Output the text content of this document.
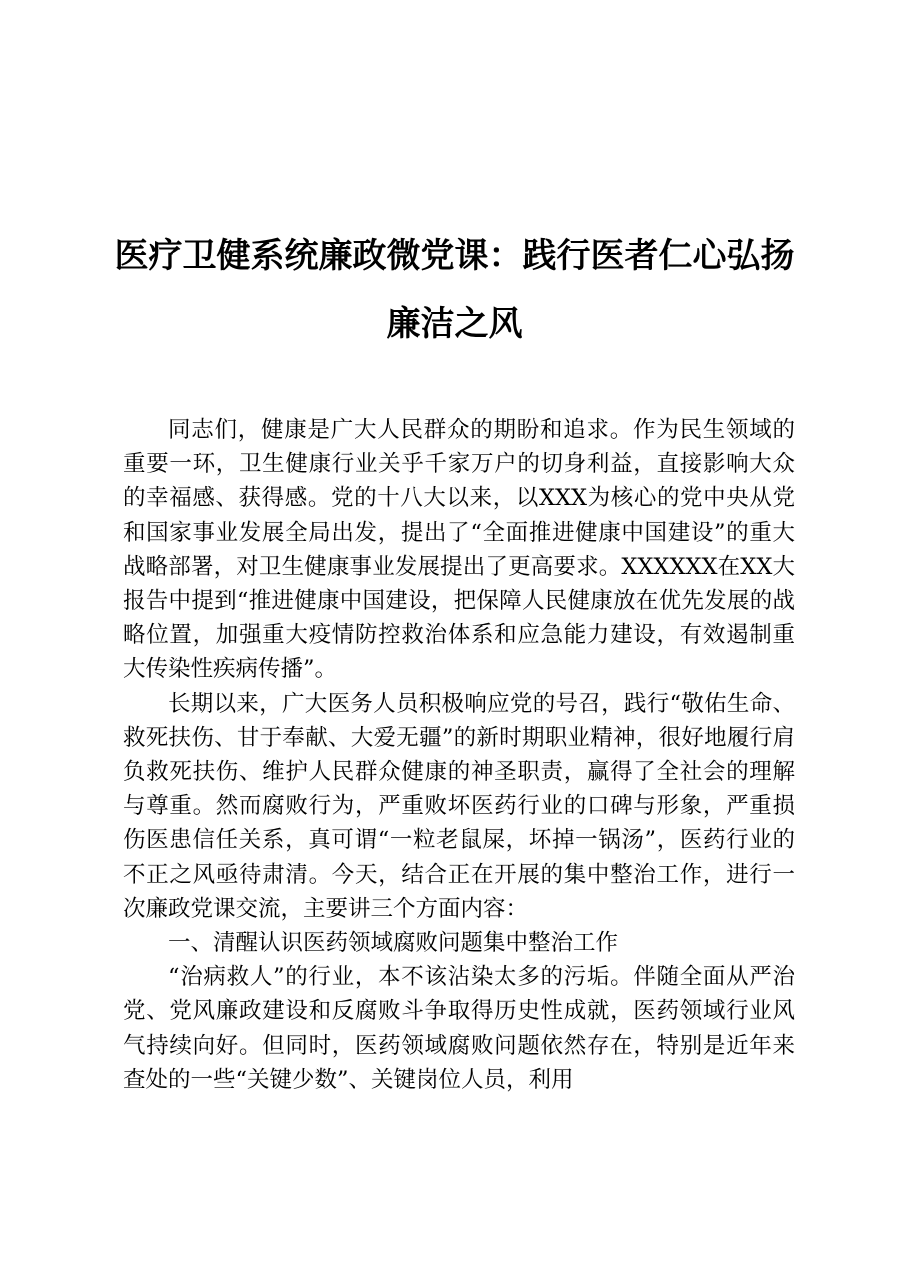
医疗卫健系统廉政微党课：践行医者仁心弘扬廉洁之风

同志们，健康是广大人民群众的期盼和追求。作为民生领域的重要一环，卫生健康行业关乎千家万户的切身利益，直接影响大众的幸福感、获得感。党的十八大以来，以XXX为核心的党中央从党和国家事业发展全局出发，提出了“全面推进健康中国建设”的重大战略部署，对卫生健康事业发展提出了更高要求。XXXXXX在XX大报告中提到“推进健康中国建设，把保障人民健康放在优先发展的战略位置，加强重大疫情防控救治体系和应急能力建设，有效遏制重大传染性疾病传播”。

长期以来，广大医务人员积极响应党的号召，践行“敬佑生命、救死扶伤、甘于奉献、大爱无疆”的新时期职业精神，很好地履行肩负救死扶伤、维护人民群众健康的神圣职责，赢得了全社会的理解与尊重。然而腐败行为，严重败坏医药行业的口碑与形象，严重损伤医患信任关系，真可谓“一粒老鼠屎，坏掉一锅汤”，医药行业的不正之风亟待肃清。今天，结合正在开展的集中整治工作，进行一次廉政党课交流，主要讲三个方面内容：

一、清醒认识医药领域腐败问题集中整治工作

“治病救人”的行业，本不该沾染太多的污垢。伴随全面从严治党、党风廉政建设和反腐败斗争取得历史性成就，医药领域行业风气持续向好。但同时，医药领域腐败问题依然存在，特别是近年来查处的一些“关键少数”、关键岗位人员，利用
